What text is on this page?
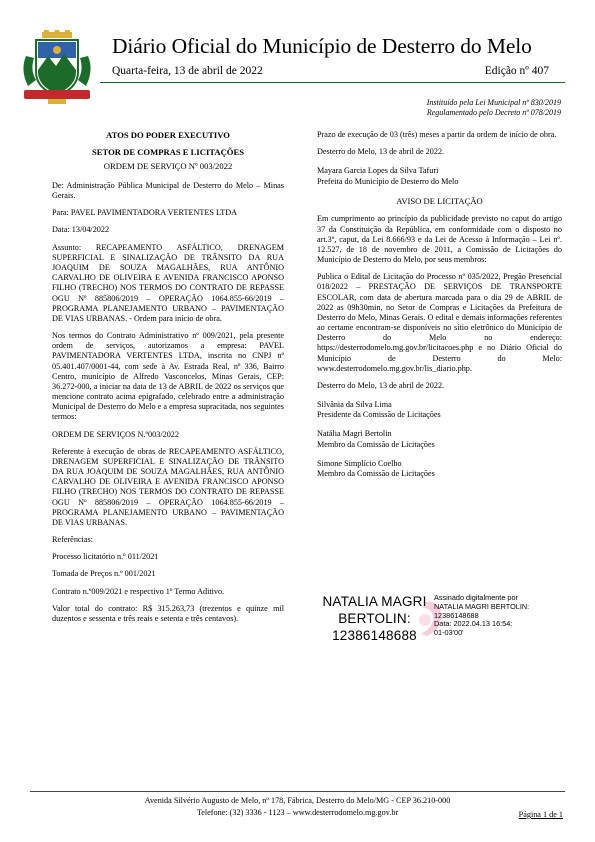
Diário Oficial do Município de Desterro do Melo
Quarta-feira, 13 de abril de 2022	Edição nº 407
Instituído pela Lei Municipal nº 830/2019
Regulamentado pelo Decreto nº 078/2019

ATOS DO PODER EXECUTIVO

SETOR DE COMPRAS E LICITAÇÕES

ORDEM DE SERVIÇO Nº 003/2022

De: Administração Pública Municipal de Desterro do Melo – Minas Gerais.

Para: PAVEL PAVIMENTADORA VERTENTES LTDA

Data: 13/04/2022

Assunto: RECAPEAMENTO ASFÁLTICO, DRENAGEM SUPERFICIAL E SINALIZAÇÃO DE TRÂNSITO DA RUA JOAQUIM DE SOUZA MAGALHÃES, RUA ANTÔNIO CARVALHO DE OLIVEIRA E AVENIDA FRANCISCO APONSO FILHO (TRECHO) NOS TERMOS DO CONTRATO DE REPASSE OGU Nº 885806/2019 – OPERAÇÃO 1064.855-66/2019 – PROGRAMA PLANEJAMENTO URBANO – PAVIMENTAÇÃO DE VIAS URBANAS. - Ordem para início de obra.

Nos termos do Contrato Administrativo nº 009/2021, pela presente ordem de serviços, autorizamos a empresa: PAVEL PAVIMENTADORA VERTENTES LTDA, inscrita no CNPJ nº 05.401.407/0001-44, com sede à Av. Estrada Real, nº 336, Bairro Centro, município de Alfredo Vasconcelos, Minas Gerais, CEP: 36.272-000, a iniciar na data de 13 de ABRIL de 2022 os serviços que mencione contrato acima epigrafado, celebrado entre a administração Municipal de Desterro do Melo e a empresa supracitada, nos seguintes termos:

ORDEM DE SERVIÇOS N.º003/2022

Referente à execução de obras de RECAPEAMENTO ASFÁLTICO, DRENAGEM SUPERFICIAL E SINALIZAÇÃO DE TRÂNSITO DA RUA JOAQUIM DE SOUZA MAGALHÃES, RUA ANTÔNIO CARVALHO DE OLIVEIRA E AVENIDA FRANCISCO APONSO FILHO (TRECHO) NOS TERMOS DO CONTRATO DE REPASSE OGU Nº 885806/2019 – OPERAÇÃO 1064.855-66/2019 – PROGRAMA PLANEJAMENTO URBANO – PAVIMENTAÇÃO DE VIAS URBANAS.

Referências:

Processo licitatório n.º 011/2021

Tomada de Preços n.º 001/2021

Contrato n.º009/2021 e respectivo 1º Termo Aditivo.

Valor total do contrato: R$ 315.263,73 (trezentos e quinze mil duzentos e sessenta e três reais e setenta e três centavos).

Prazo de execução de 03 (três) meses a partir da ordem de início de obra.

Desterro do Melo, 13 de abril de 2022.

Mayara Garcia Lopes da Silva Tafuri
Prefeita do Município de Desterro do Melo

AVISO DE LICITAÇÃO

Em cumprimento ao princípio da publicidade previsto no caput do artigo 37 da Constituição da República, em conformidade com o disposto no art.3º, caput, da Lei 8.666/93 e da Lei de Acesso à Informação – Lei nº. 12.527, de 18 de novembro de 2011, a Comissão de Licitações do Município de Desterro do Melo, por seus membros:

Publica o Edital de Licitação do Processo nº 035/2022, Pregão Presencial 018/2022 – PRESTAÇÃO DE SERVIÇOS DE TRANSPORTE ESCOLAR, com data de abertura marcada para o dia 29 de ABRIL de 2022 as 09h30min, no Setor de Compras e Licitações da Prefeitura de Desterro do Melo, Minas Gerais. O edital e demais informações referentes ao certame encontram-se disponíveis no sítio eletrônico do Município de Desterro do Melo no endereço: https://desterrodomelo.mg.gov.br/licitacoes.php e no Diário Oficial do Município de Desterro do Melo: www.desterrodomelo.mg.gov.br/lis_diario.php.

Desterro do Melo, 13 de abril de 2022.

Silvânia da Silva Lima
Presidente da Comissão de Licitações
Natália Magri Bertolin
Membro da Comissão de Licitações
Simone Simplício Coelho
Membro da Comissão de Licitações
NATALIA MAGRI
BERTOLIN:
12386148688
Assinado digitalmente por
NATALIA MAGRI BERTOLIN:
12386148688
Data: 2022.04.13 16:54:
01-03'00'
Avenida Silvério Augusto de Melo, nº 178, Fábrica, Desterro do Melo/MG - CEP 36.210-000
Telefone: (32) 3336 - 1123 – www.desterrodomelo.mg.gov.br	Página 1 de 1
